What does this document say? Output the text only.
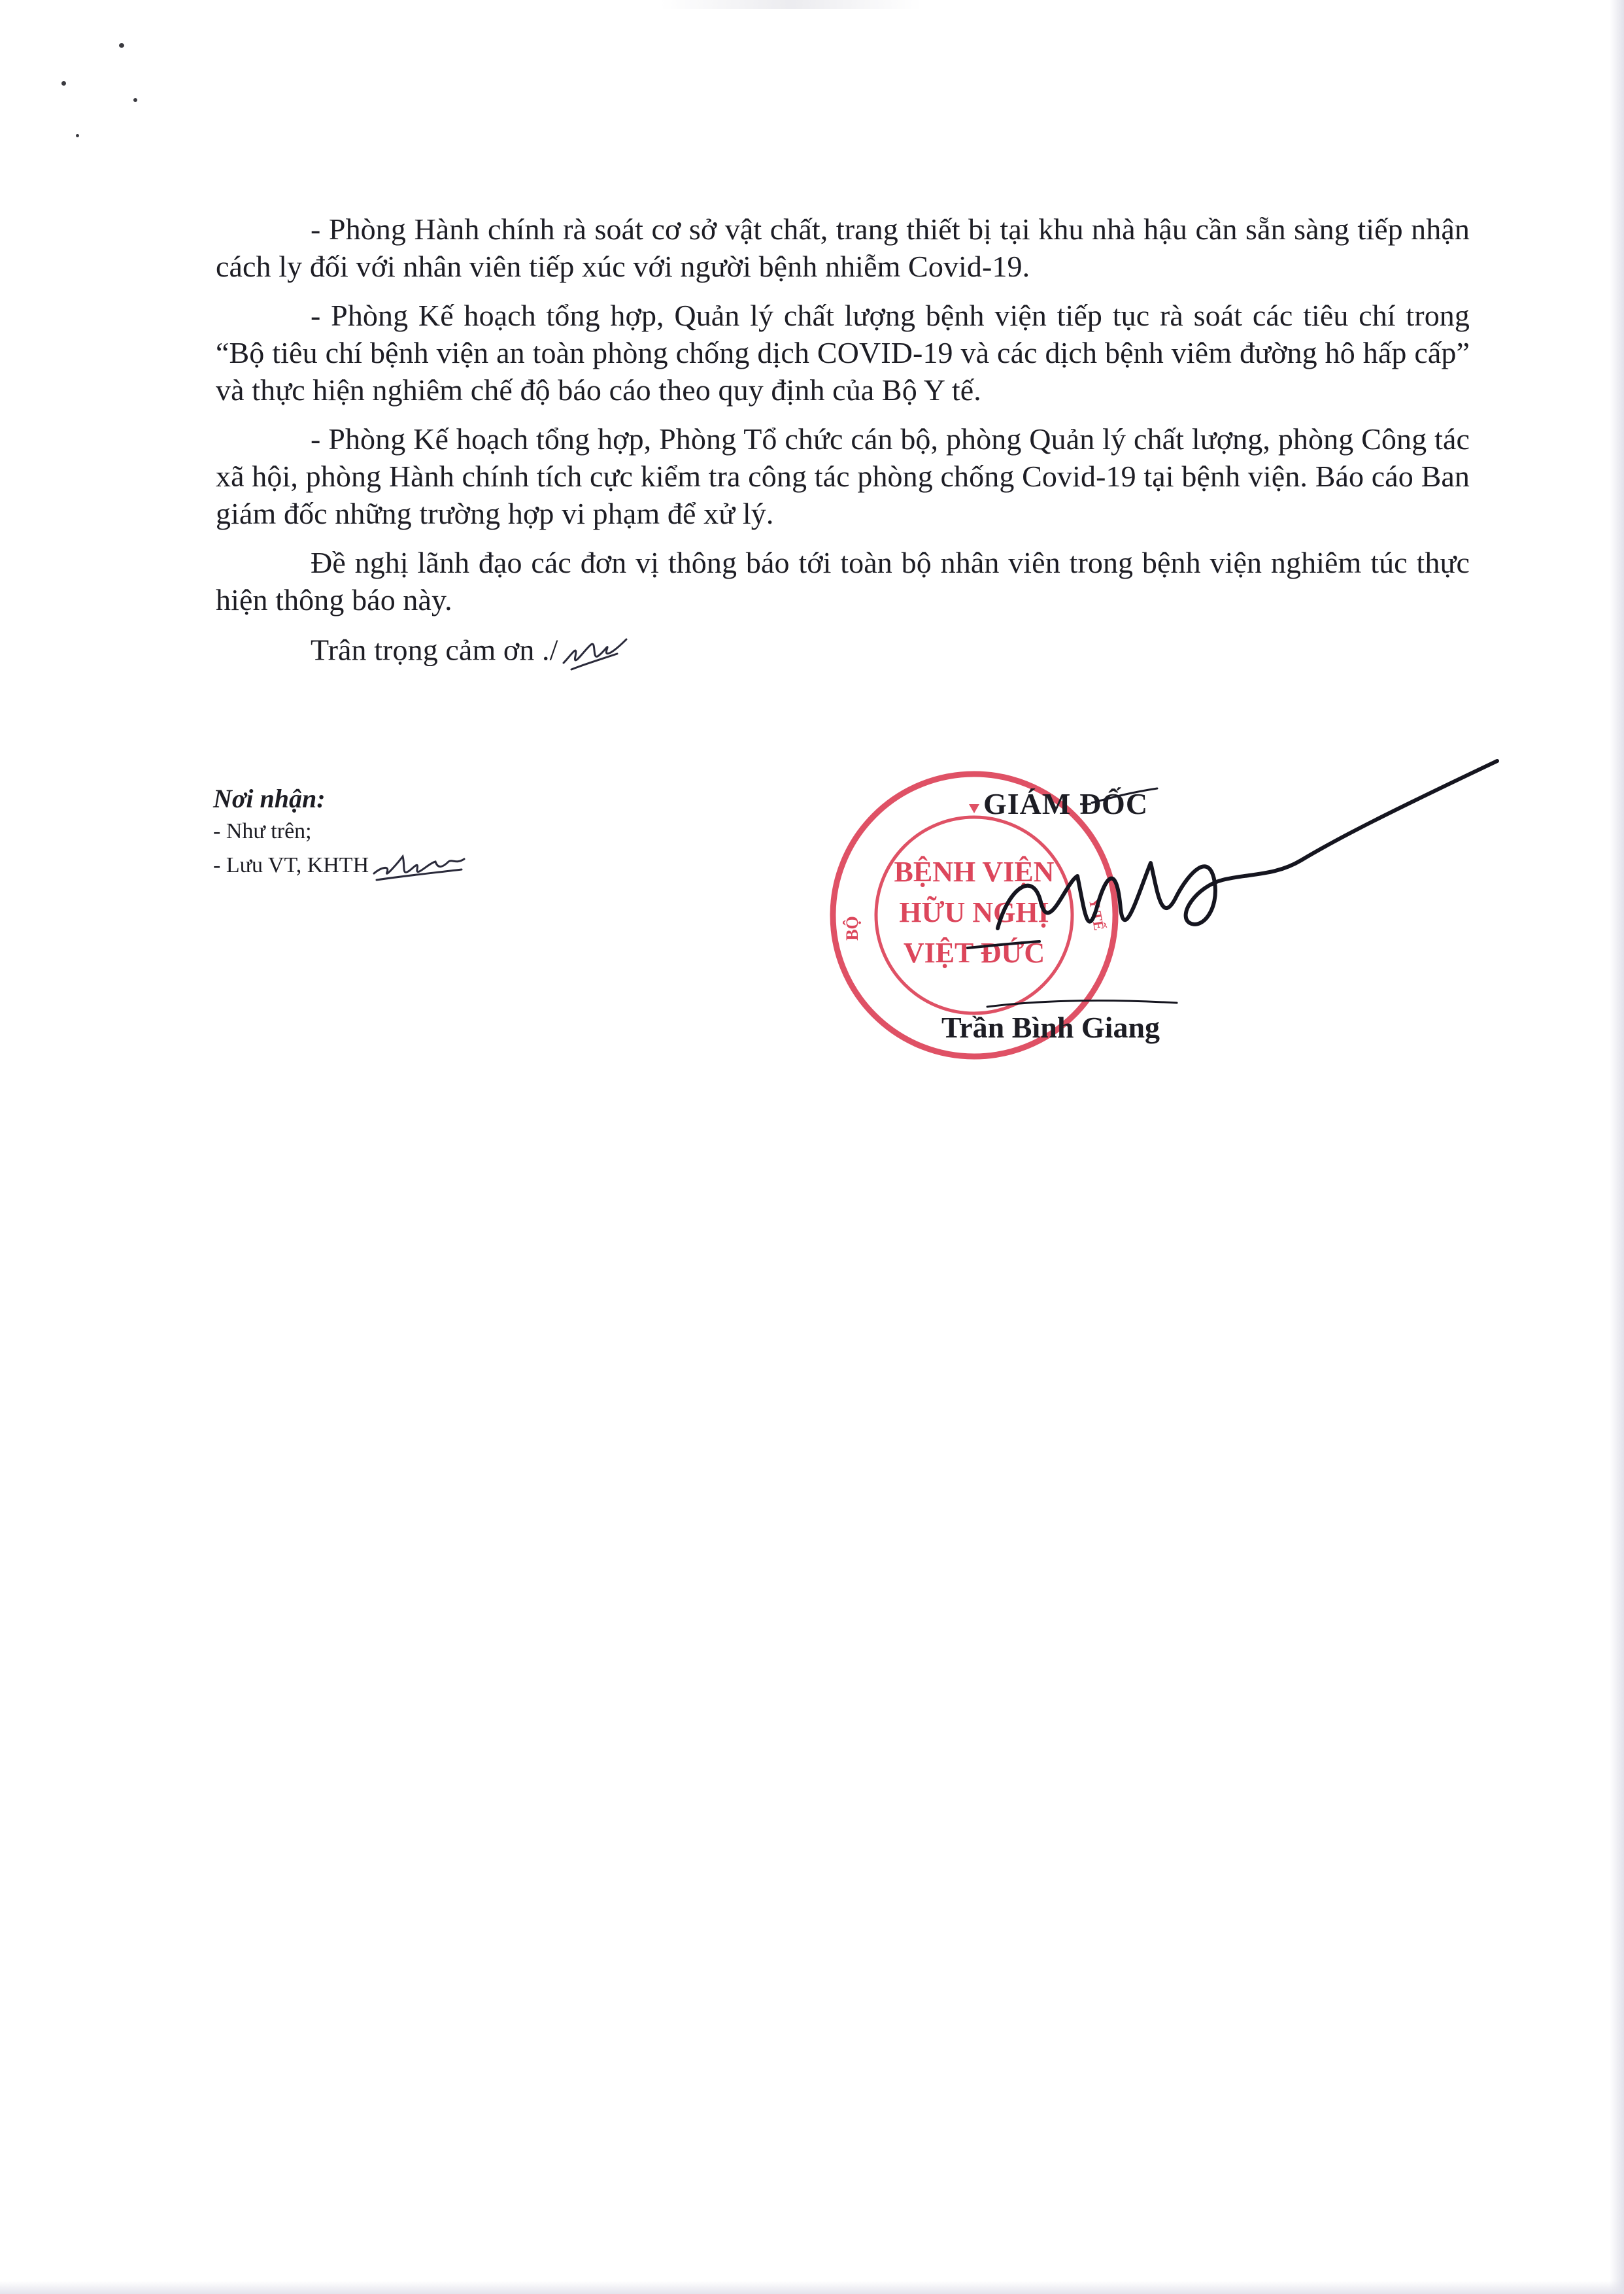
- Phòng Hành chính rà soát cơ sở vật chất, trang thiết bị tại khu nhà hậu cần sẵn sàng tiếp nhận cách ly đối với nhân viên tiếp xúc với người bệnh nhiễm Covid-19.

- Phòng Kế hoạch tổng hợp, Quản lý chất lượng bệnh viện tiếp tục rà soát các tiêu chí trong “Bộ tiêu chí bệnh viện an toàn phòng chống dịch COVID-19 và các dịch bệnh viêm đường hô hấp cấp” và thực hiện nghiêm chế độ báo cáo theo quy định của Bộ Y tế.

- Phòng Kế hoạch tổng hợp, Phòng Tổ chức cán bộ, phòng Quản lý chất lượng, phòng Công tác xã hội, phòng Hành chính tích cực kiểm tra công tác phòng chống Covid-19 tại bệnh viện. Báo cáo Ban giám đốc những trường hợp vi phạm để xử lý.

Đề nghị lãnh đạo các đơn vị thông báo tới toàn bộ nhân viên trong bệnh viện nghiêm túc thực hiện thông báo này.

Trân trọng cảm ơn ./

Nơi nhận:
- Như trên;
- Lưu VT, KHTH	BỆNH VIỆN
HỮU NGHỊ
VIỆT ĐỨC
BỘ	Y TẾ
GIÁM ĐỐC
Trần Bình Giang
